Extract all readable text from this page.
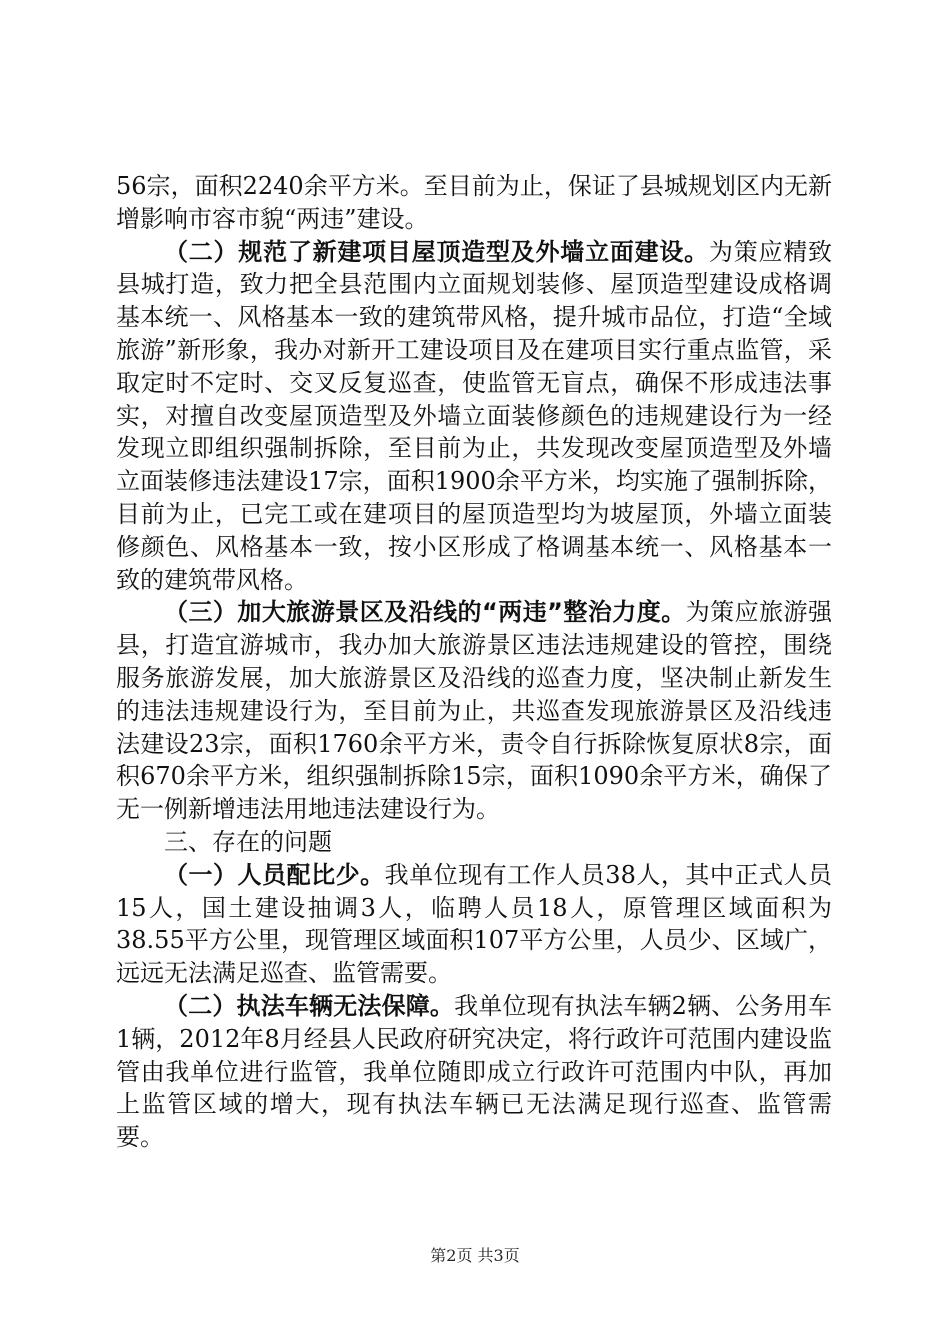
56宗，面积2240余平方米。至目前为止，保证了县城规划区内无新增影响市容市貌“两违”建设。

（二）规范了新建项目屋顶造型及外墙立面建设。为策应精致县城打造，致力把全县范围内立面规划装修、屋顶造型建设成格调基本统一、风格基本一致的建筑带风格，提升城市品位，打造“全域旅游”新形象，我办对新开工建设项目及在建项目实行重点监管，采取定时不定时、交叉反复巡查，使监管无盲点，确保不形成违法事实，对擅自改变屋顶造型及外墙立面装修颜色的违规建设行为一经发现立即组织强制拆除，至目前为止，共发现改变屋顶造型及外墙立面装修违法建设17宗，面积1900余平方米，均实施了强制拆除，目前为止，已完工或在建项目的屋顶造型均为坡屋顶，外墙立面装修颜色、风格基本一致，按小区形成了格调基本统一、风格基本一致的建筑带风格。

（三）加大旅游景区及沿线的“两违”整治力度。为策应旅游强县，打造宜游城市，我办加大旅游景区违法违规建设的管控，围绕服务旅游发展，加大旅游景区及沿线的巡查力度，坚决制止新发生的违法违规建设行为，至目前为止，共巡查发现旅游景区及沿线违法建设23宗，面积1760余平方米，责令自行拆除恢复原状8宗，面积670余平方米，组织强制拆除15宗，面积1090余平方米，确保了无一例新增违法用地违法建设行为。

三、存在的问题

（一）人员配比少。我单位现有工作人员38人，其中正式人员15人，国土建设抽调3人，临聘人员18人，原管理区域面积为38.55平方公里，现管理区域面积107平方公里，人员少、区域广，远远无法满足巡查、监管需要。

（二）执法车辆无法保障。我单位现有执法车辆2辆、公务用车1辆，2012年8月经县人民政府研究决定，将行政许可范围内建设监管由我单位进行监管，我单位随即成立行政许可范围内中队，再加上监管区域的增大，现有执法车辆已无法满足现行巡查、监管需要。

第2页 共3页
